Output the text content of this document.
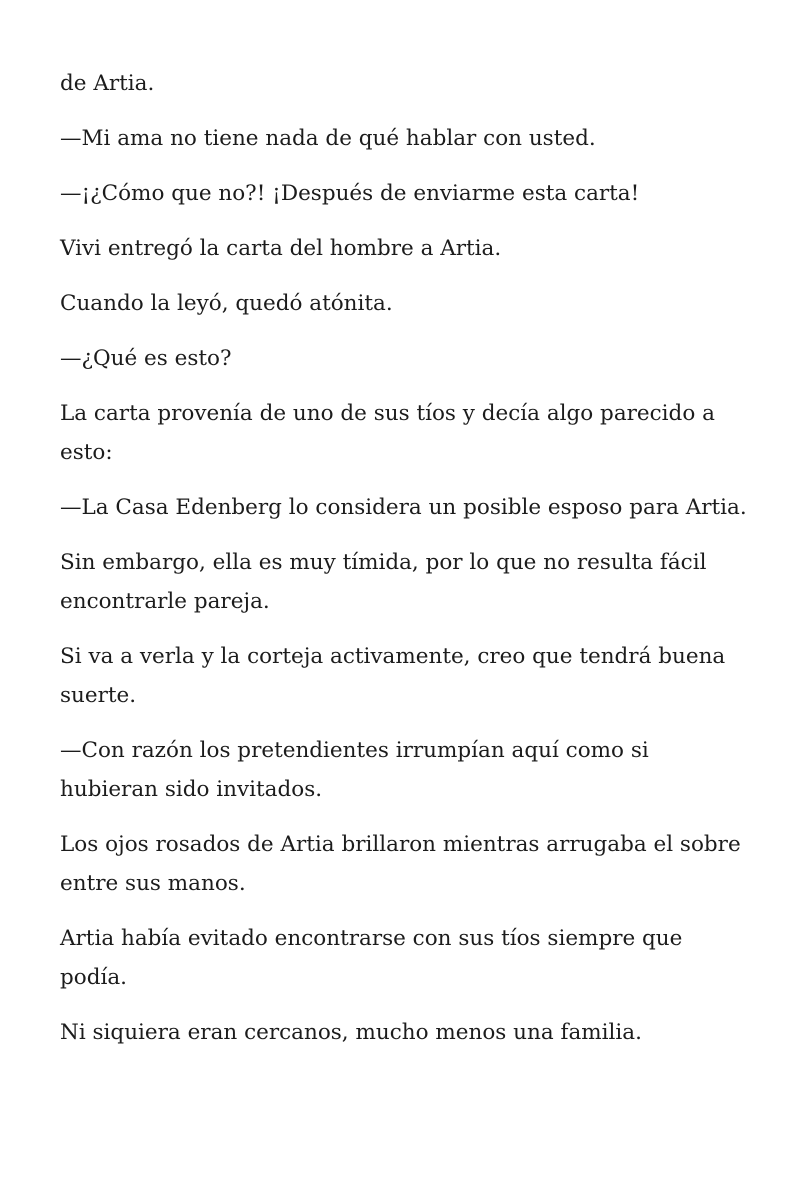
de Artia.

—Mi ama no tiene nada de qué hablar con usted.

—¡¿Cómo que no?! ¡Después de enviarme esta carta!

Vivi entregó la carta del hombre a Artia.

Cuando la leyó, quedó atónita.

—¿Qué es esto?

La carta provenía de uno de sus tíos y decía algo parecido a esto:

—La Casa Edenberg lo considera un posible esposo para Artia.

Sin embargo, ella es muy tímida, por lo que no resulta fácil encontrarle pareja.

Si va a verla y la corteja activamente, creo que tendrá buena suerte.

—Con razón los pretendientes irrumpían aquí como si hubieran sido invitados.

Los ojos rosados de Artia brillaron mientras arrugaba el sobre entre sus manos.

Artia había evitado encontrarse con sus tíos siempre que podía.

Ni siquiera eran cercanos, mucho menos una familia.
